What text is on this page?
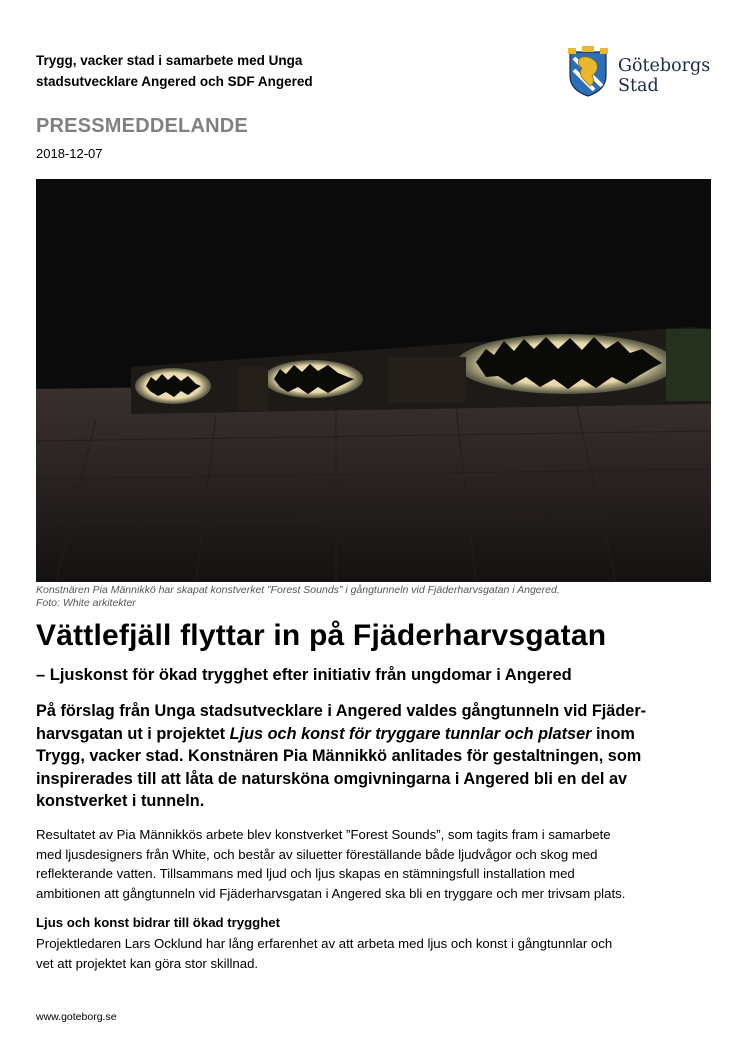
Trygg, vacker stad i samarbete med Unga
stadsutvecklare Angered och SDF Angered
Göteborgs
Stad
PRESSMEDDELANDE
2018-12-07
Konstnären Pia Männikkö har skapat konstverket ”Forest Sounds” i gångtunneln vid Fjäderharvsgatan i Angered.
Foto: White arkitekter
Vättlefjäll flyttar in på Fjäderharvsgatan
– Ljuskonst för ökad trygghet efter initiativ från ungdomar i Angered
På förslag från Unga stadsutvecklare i Angered valdes gångtunneln vid Fjäder-
harvsgatan ut i projektet Ljus och konst för tryggare tunnlar och platser inom
Trygg, vacker stad. Konstnären Pia Männikkö anlitades för gestaltningen, som
inspirerades till att låta de natursköna omgivningarna i Angered bli en del av
konstverket i tunneln.
Resultatet av Pia Männikkös arbete blev konstverket ”Forest Sounds”, som tagits fram i samarbete
med ljusdesigners från White, och består av siluetter föreställande både ljudvågor och skog med
reflekterande vatten. Tillsammans med ljud och ljus skapas en stämningsfull installation med
ambitionen att gångtunneln vid Fjäderharvsgatan i Angered ska bli en tryggare och mer trivsam plats.
Ljus och konst bidrar till ökad trygghet
Projektledaren Lars Ocklund har lång erfarenhet av att arbeta med ljus och konst i gångtunnlar och
vet att projektet kan göra stor skillnad.
www.goteborg.se
